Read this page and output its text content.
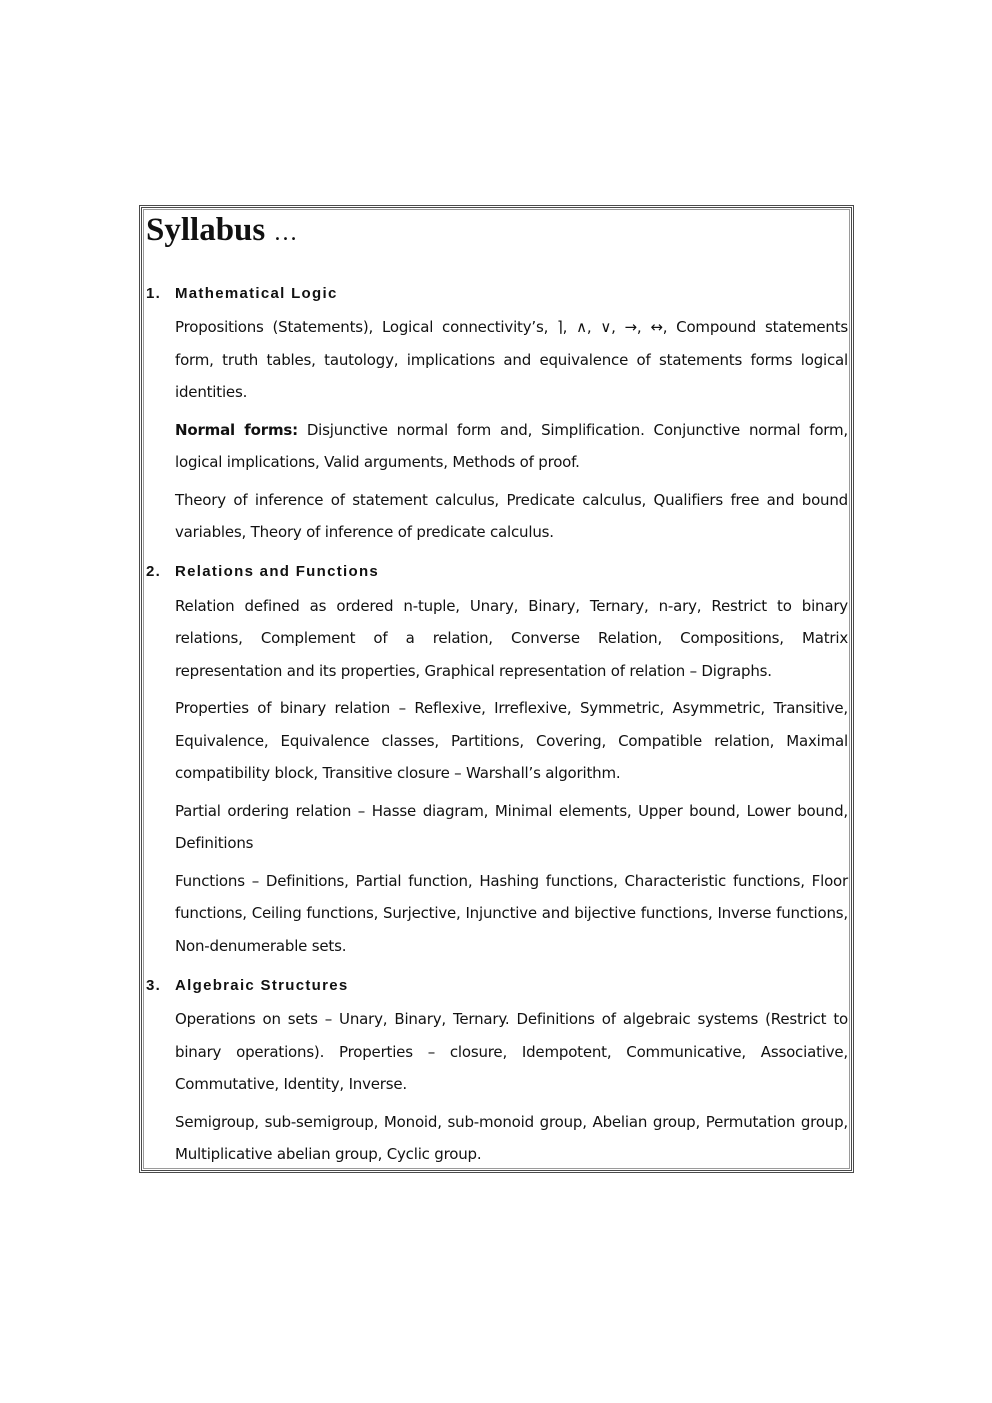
Syllabus …
1. Mathematical Logic

Propositions (Statements), Logical connectivity’s, ⌉, ∧, ∨, →, ↔, Compound statements form, truth tables, tautology, implications and equivalence of statements forms logical identities.

Normal forms: Disjunctive normal form and, Simplification. Conjunctive normal form, logical implications, Valid arguments, Methods of proof.

Theory of inference of statement calculus, Predicate calculus, Qualifiers free and bound variables, Theory of inference of predicate calculus.

2. Relations and Functions

Relation defined as ordered n-tuple, Unary, Binary, Ternary, n-ary, Restrict to binary relations, Complement of a relation, Converse Relation, Compositions, Matrix representation and its properties, Graphical representation of relation – Digraphs.

Properties of binary relation – Reflexive, Irreflexive, Symmetric, Asymmetric, Transitive, Equivalence, Equivalence classes, Partitions, Covering, Compatible relation, Maximal compatibility block, Transitive closure – Warshall’s algorithm.

Partial ordering relation – Hasse diagram, Minimal elements, Upper bound, Lower bound, Definitions

Functions – Definitions, Partial function, Hashing functions, Characteristic functions, Floor functions, Ceiling functions, Surjective, Injunctive and bijective functions, Inverse functions, Non-denumerable sets.

3. Algebraic Structures

Operations on sets – Unary, Binary, Ternary. Definitions of algebraic systems (Restrict to binary operations). Properties – closure, Idempotent, Communicative, Associative, Commutative, Identity, Inverse.

Semigroup, sub-semigroup, Monoid, sub-monoid group, Abelian group, Permutation group, Multiplicative abelian group, Cyclic group.
